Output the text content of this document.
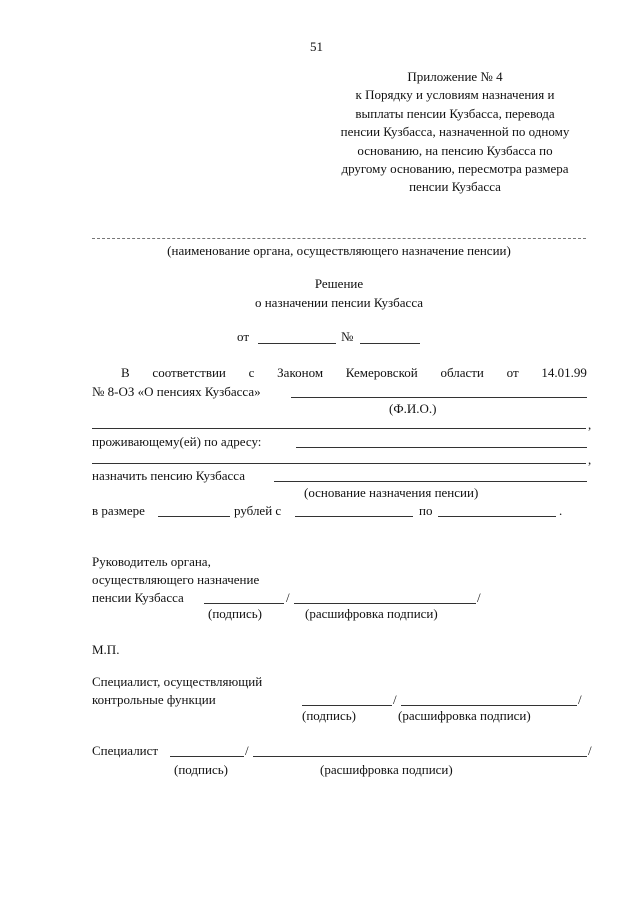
51
Приложение № 4
к Порядку и условиям назначения и
выплаты пенсии Кузбасса, перевода
пенсии Кузбасса, назначенной по одному
основанию, на пенсию Кузбасса по
другому основанию, пересмотра размера
пенсии Кузбасса
(наименование органа, осуществляющего назначение пенсии)
Решение
о назначении пенсии Кузбасса
от	№
В соответствии с Законом Кемеровской области от 14.01.99
№ 8-ОЗ «О пенсиях Кузбасса»
(Ф.И.О.)
,
проживающему(ей) по адресу:
,
назначить пенсию Кузбасса
(основание назначения пенсии)
в размере	рублей с	по	.
Руководитель органа,
осуществляющего назначение
пенсии Кузбасса	/	/
(подпись)	(расшифровка подписи)
М.П.
Специалист, осуществляющий
контрольные функции	/	/
(подпись)	(расшифровка подписи)
Специалист	/	/
(подпись)	(расшифровка подписи)
